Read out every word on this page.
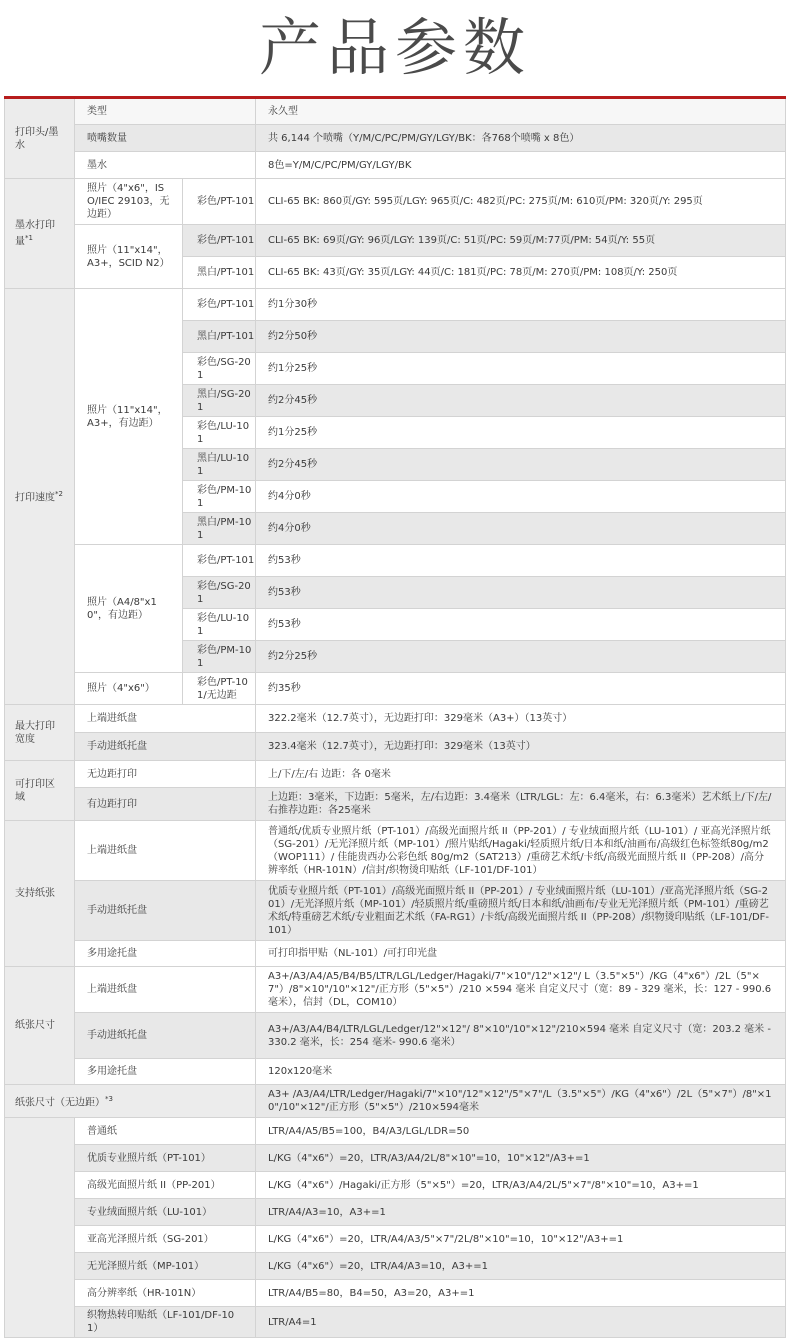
产品参数
打印头/墨水	类型		永久型
	喷嘴数量		共 6,144 个喷嘴（Y/M/C/PC/PM/GY/LGY/BK：各768个喷嘴 x 8色）
	墨水		8色=Y/M/C/PC/PM/GY/LGY/BK
墨水打印量$^{*1}$	照片（4"x6"，ISO/IEC 29103，无边距）	彩色/PT-101	CLI-65 BK: 860页/GY: 595页/LGY: 965页/C: 482页/PC: 275页/M: 610页/PM: 320页/Y: 295页
	照片（11"x14"，A3+，SCID N2）	彩色/PT-101	CLI-65 BK: 69页/GY: 96页/LGY: 139页/C: 51页/PC: 59页/M:77页/PM: 54页/Y: 55页
		黑白/PT-101	CLI-65 BK: 43页/GY: 35页/LGY: 44页/C: 181页/PC: 78页/M: 270页/PM: 108页/Y: 250页
打印速度$^{*2}$	照片（11"x14"，A3+，有边距）	彩色/PT-101	约1分30秒
		黑白/PT-101	约2分50秒
		彩色/SG-201	约1分25秒
		黑白/SG-201	约2分45秒
		彩色/LU-101	约1分25秒
		黑白/LU-101	约2分45秒
		彩色/PM-101	约4分0秒
		黑白/PM-101	约4分0秒
	照片（A4/8"x10"，有边距）	彩色/PT-101	约53秒
		彩色/SG-201	约53秒
		彩色/LU-101	约53秒
		彩色/PM-101	约2分25秒
	照片（4"x6"）	彩色/PT-101/无边距	约35秒
最大打印宽度	上端进纸盘		322.2毫米（12.7英寸），无边距打印：329毫米（A3+）（13英寸）
	手动进纸托盘		323.4毫米（12.7英寸），无边距打印：329毫米（13英寸）
可打印区域	无边距打印		上/下/左/右 边距：各 0毫米
	有边距打印		上边距：3毫米，下边距：5毫米，左/右边距：3.4毫米（LTR/LGL：左：6.4毫米，右：6.3毫米）艺术纸上/下/左/右推荐边距：各25毫米
支持纸张	上端进纸盘		普通纸/优质专业照片纸（PT-101）/高级光面照片纸 II（PP-201）/ 专业绒面照片纸（LU-101）/ 亚高光泽照片纸（SG-201）/无光泽照片纸（MP-101）/照片贴纸/Hagaki/轻质照片纸/日本和纸/油画布/高级红色标签纸80g/m2（WOP111）/ 佳能贵西办公彩色纸 80g/m2（SAT213）/重磅艺术纸/卡纸/高级光面照片纸 II（PP-208）/高分辨率纸（HR-101N）/信封/织物烫印贴纸（LF-101/DF-101）
	手动进纸托盘		优质专业照片纸（PT-101）/高级光面照片纸 II（PP-201）/ 专业绒面照片纸（LU-101）/亚高光泽照片纸（SG-201）/无光泽照片纸（MP-101）/轻质照片纸/重磅照片纸/日本和纸/油画布/专业无光泽照片纸（PM-101）/重磅艺术纸/特重磅艺术纸/专业粗面艺术纸（FA-RG1）/卡纸/高级光面照片纸 II（PP-208）/织物烫印贴纸（LF-101/DF-101）
	多用途托盘		可打印指甲贴（NL-101）/可打印光盘
纸张尺寸	上端进纸盘		A3+/A3/A4/A5/B4/B5/LTR/LGL/Ledger/Hagaki/7"×10"/12"×12"/ L（3.5"×5"）/KG（4"x6"）/2L（5"×7"）/8"×10"/10"×12"/正方形（5"×5"）/210 ×594 毫米 自定义尺寸（宽：89 - 329 毫米，长：127 - 990.6 毫米），信封（DL，COM10）
	手动进纸托盘		A3+/A3/A4/B4/LTR/LGL/Ledger/12"×12"/ 8"×10"/10"×12"/210×594 毫米 自定义尺寸（宽：203.2 毫米 - 330.2 毫米，长：254 毫米- 990.6 毫米）
	多用途托盘		120x120毫米
纸张尺寸（无边距）$^{*3}$			A3+ /A3/A4/LTR/Ledger/Hagaki/7"×10"/12"×12"/5"×7"/L（3.5"×5"）/KG（4"x6"）/2L（5"×7"）/8"×10"/10"×12"/正方形（5"×5"）/210×594毫米
	普通纸		LTR/A4/A5/B5=100，B4/A3/LGL/LDR=50
	优质专业照片纸（PT-101）		L/KG（4"x6"）=20，LTR/A3/A4/2L/8"×10"=10，10"×12"/A3+=1
	高级光面照片纸 II（PP-201）		L/KG（4"x6"）/Hagaki/正方形（5"×5"）=20，LTR/A3/A4/2L/5"×7"/8"×10"=10，A3+=1
	专业绒面照片纸（LU-101）		LTR/A4/A3=10，A3+=1
	亚高光泽照片纸（SG-201）		L/KG（4"x6"）=20，LTR/A4/A3/5"×7"/2L/8"×10"=10，10"×12"/A3+=1
	无光泽照片纸（MP-101）		L/KG（4"x6"）=20，LTR/A4/A3=10，A3+=1
	高分辨率纸（HR-101N）		LTR/A4/B5=80，B4=50，A3=20，A3+=1
	织物热转印贴纸（LF-101/DF-101）		LTR/A4=1
